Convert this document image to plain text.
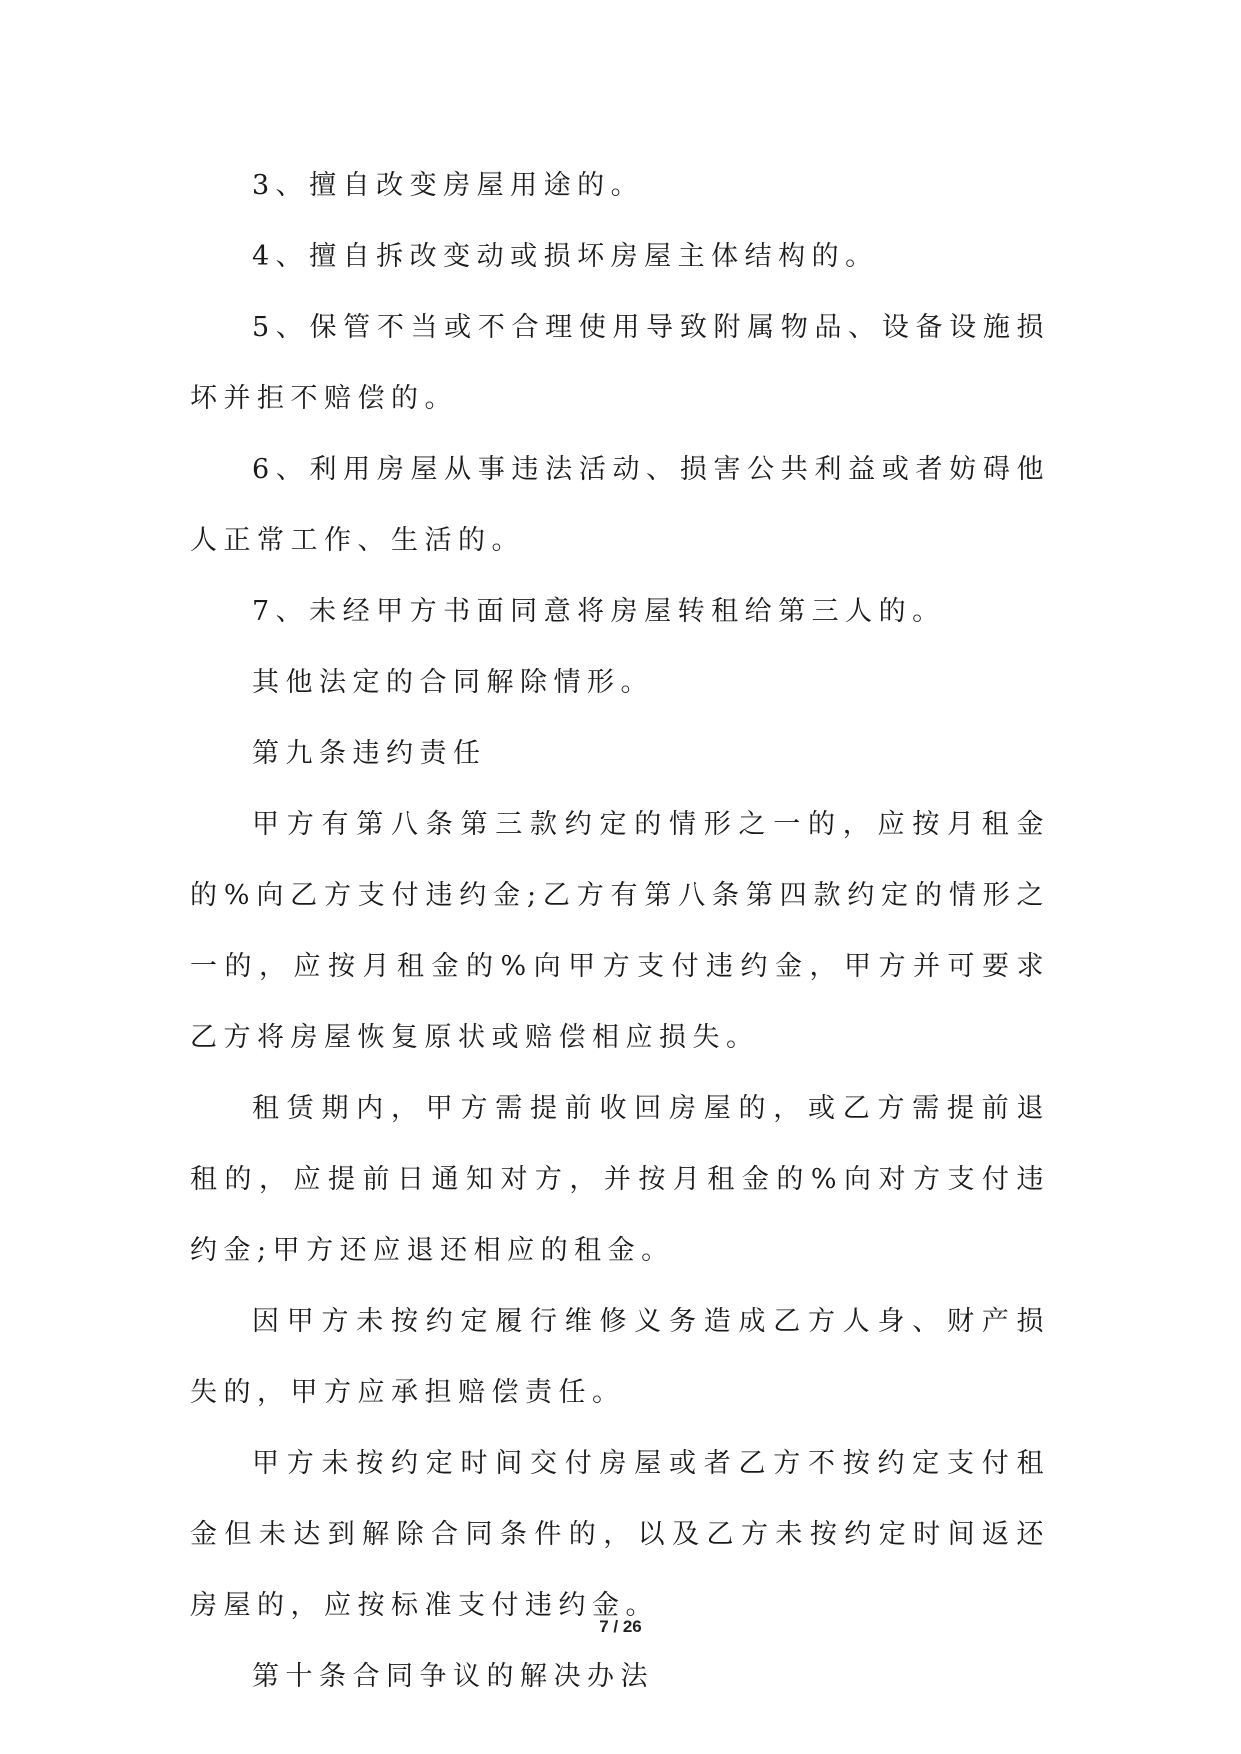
3、擅自改变房屋用途的。

4、擅自拆改变动或损坏房屋主体结构的。

5、保管不当或不合理使用导致附属物品、设备设施损坏并拒不赔偿的。

6、利用房屋从事违法活动、损害公共利益或者妨碍他人正常工作、生活的。

7、未经甲方书面同意将房屋转租给第三人的。

其他法定的合同解除情形。

第九条违约责任

甲方有第八条第三款约定的情形之一的，应按月租金的%向乙方支付违约金;乙方有第八条第四款约定的情形之一的，应按月租金的%向甲方支付违约金，甲方并可要求乙方将房屋恢复原状或赔偿相应损失。

租赁期内，甲方需提前收回房屋的，或乙方需提前退租的，应提前日通知对方，并按月租金的%向对方支付违约金;甲方还应退还相应的租金。

因甲方未按约定履行维修义务造成乙方人身、财产损失的，甲方应承担赔偿责任。

甲方未按约定时间交付房屋或者乙方不按约定支付租金但未达到解除合同条件的，以及乙方未按约定时间返还房屋的，应按标准支付违约金。

第十条合同争议的解决办法

7 / 26
